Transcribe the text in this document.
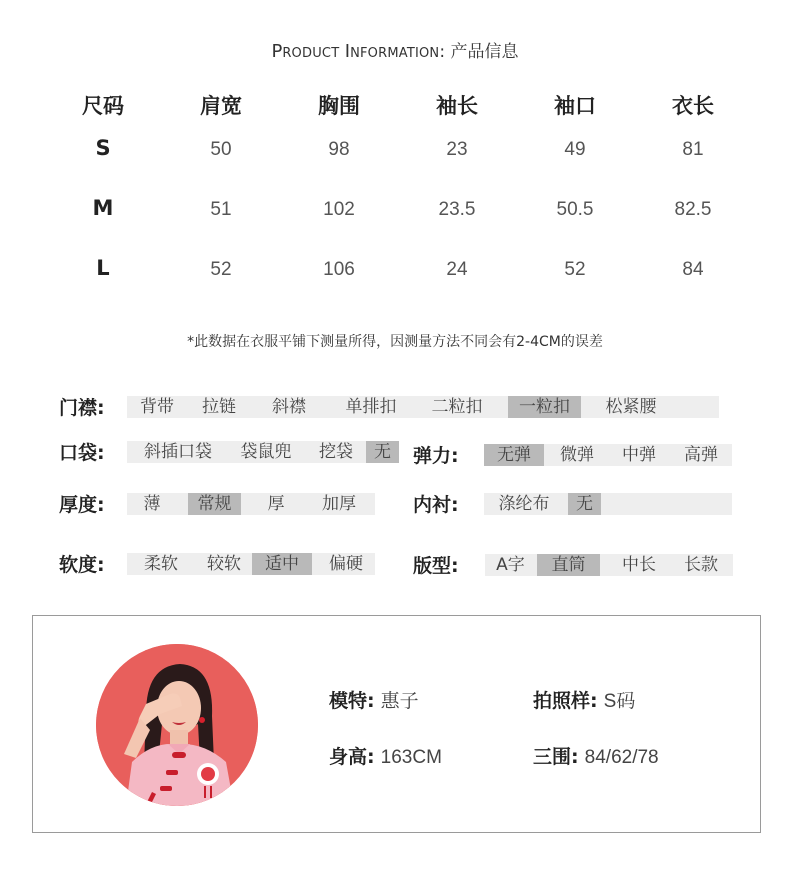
PRODUCT INFORMATION: 产品信息
尺码	肩宽	胸围	袖长	袖口	衣长
S	50	98	23	49	81
M	51	102	23.5	50.5	82.5
L	52	106	24	52	84
*此数据在衣服平铺下测量所得，因测量方法不同会有2-4CM的误差
门襟:	背带	拉链	斜襟	单排扣	二粒扣	一粒扣	松紧腰
口袋:	斜插口袋	袋鼠兜	挖袋	无	弹力:	无弹	微弹	中弹	高弹
厚度:	薄	常规	厚	加厚	内衬:	涤纶布	无
软度:	柔软	较软	适中	偏硬	版型:	A字	直筒	中长	长款
模特: 惠子	拍照样: S码
身高: 163CM	三围: 84/62/78
